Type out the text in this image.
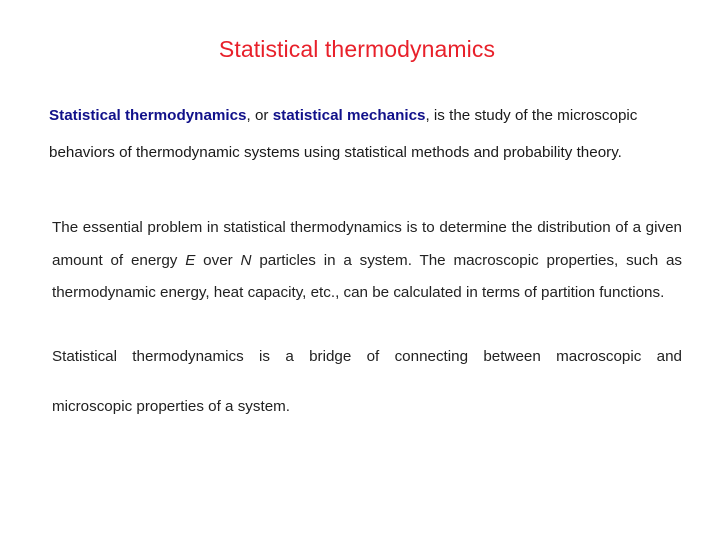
Statistical thermodynamics
Statistical thermodynamics, or statistical mechanics, is the study of the microscopic behaviors of thermodynamic systems using statistical methods and probability theory.
The essential problem in statistical thermodynamics is to determine the distribution of a given amount of energy E over N particles in a system. The macroscopic properties, such as thermodynamic energy, heat capacity, etc., can be calculated in terms of partition functions.
Statistical thermodynamics is a bridge of connecting between macroscopic and
microscopic properties of a system.
